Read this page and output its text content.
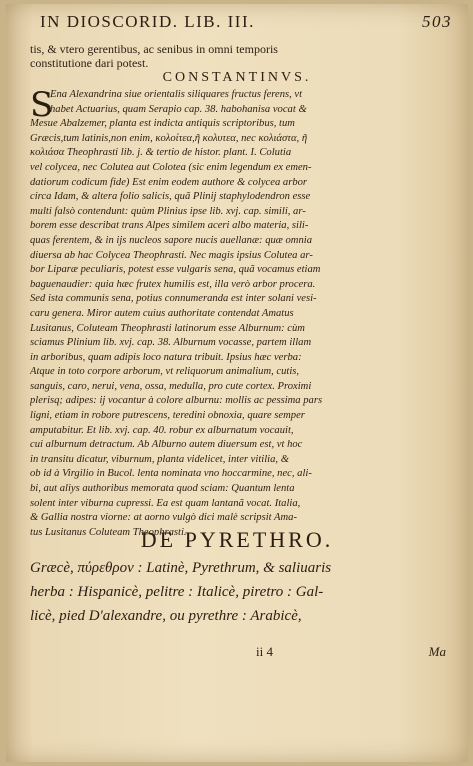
IN DIOSCORID. LIB. III.	503
tis, & vtero gerentibus, ac senibus in omni temporis
constitutione dari potest.
CONSTANTINVS.
S
Ena Alexandrina siue orientalis siliquares fructus ferens, vt
habet Actuarius, quam Serapio cap. 38. habohanisa vocat &
Mesue Abalzemer, planta est indicta antiquis scriptoribus, tum
Græcis,tum latinis,non enim, κολοίτεα,ῆ κολυτεα, nec κολιάστα, ῆ
κολιάσα Theophrasti lib. j. & tertio de histor. plant. I. Colutia
vel colycea, nec Colutea aut Colotea (sic enim legendum ex emen-
datiorum codicum fide) Est enim eodem authore & colycea arbor
circa Idam, & altera folio salicis, quã Plinij staphylodendron esse
multi falsò contendunt: quùm Plinius ipse lib. xvj. cap. simili, ar-
borem esse describat trans Alpes similem aceri albo materia, sili-
quas ferentem, & in ijs nucleos sapore nucis auellanæ: quæ omnia
diuersa ab hac Colycea Theophrasti. Nec magis ipsius Colutea ar-
bor Liparæ peculiaris, potest esse vulgaris sena, quã vocamus etiam
baguenaudier: quia hæc frutex humilis est, illa verò arbor procera.
Sed ista communis sena, potius connumeranda est inter solani vesi-
caru genera. Miror autem cuius authoritate contendat Amatus
Lusitanus, Coluteam Theophrasti latinorum esse Alburnum: cùm
sciamus Plinium lib. xvj. cap. 38. Alburnum vocasse, partem illam
in arboribus, quam adipis loco natura tribuit. Ipsius hæc verba:
Atque in toto corpore arborum, vt reliquorum animalium, cutis,
sanguis, caro, nerui, vena, ossa, medulla, pro cute cortex. Proximi
plerisq; adipes: ij vocantur à colore alburnu: mollis ac pessima pars
ligni, etiam in robore putrescens, teredini obnoxia, quare semper
amputabitur. Et lib. xvj. cap. 40. robur ex alburnatum vocauit,
cui alburnum detractum. Ab Alburno autem diuersum est, vt hoc
in transitu dicatur, viburnum, planta videlicet, inter vitilia, &
ob id à Virgilio in Bucol. lenta nominata vno hoccarmine, nec, ali-
bi, aut aliys authoribus memorata quod sciam: Quantum lenta
solent inter viburna cupressi. Ea est quam lantanã vocat. Italia,
& Gallia nostra viorne: at aorno vulgò dici malè scripsit Ama-
tus Lusitanus Coluteam Theophrasti.
DE PYRETHRO.
Græcè, πύρεθρον : Latinè, Pyrethrum, & saliuaris
herba : Hispanicè, pelitre : Italicè, piretro : Gal-
licè, pied D'alexandre, ou pyrethre : Arabicè,
ii 4	Ma
